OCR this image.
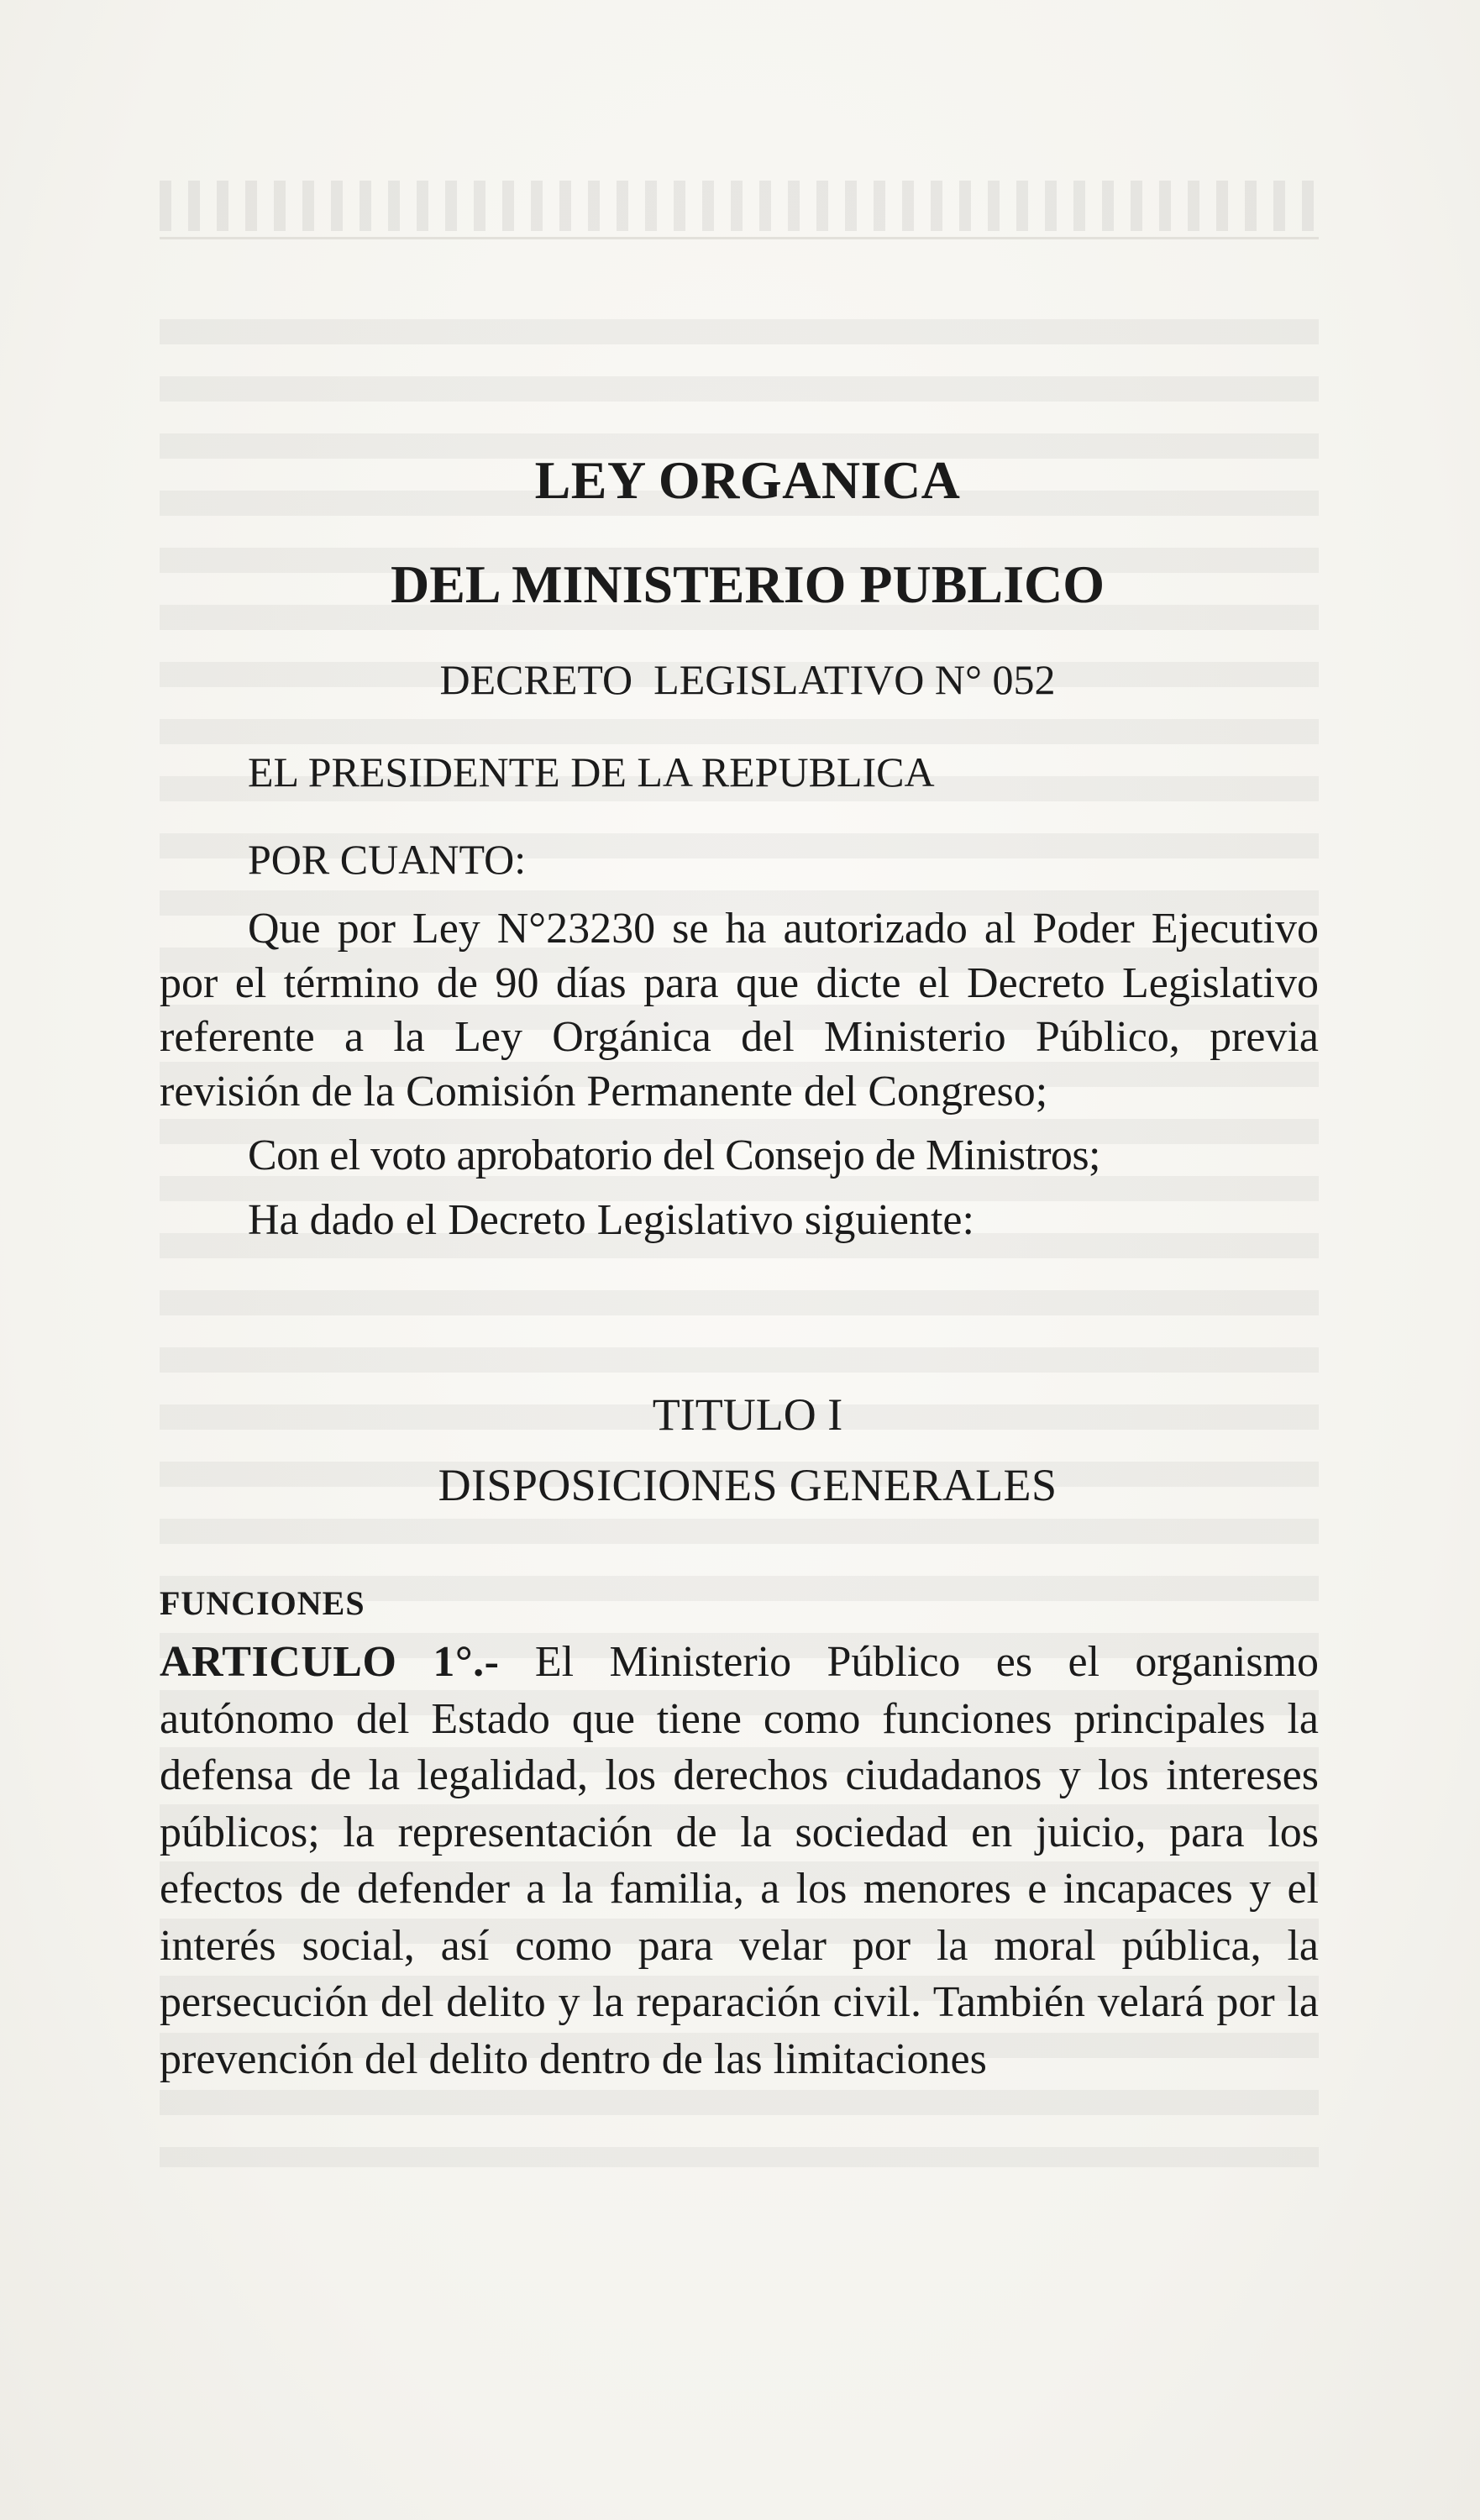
LEY ORGANICA
DEL MINISTERIO PUBLICO
DECRETO  LEGISLATIVO N° 052
EL PRESIDENTE DE LA REPUBLICA
POR CUANTO:

Que por Ley N°23230 se ha autorizado al Poder Ejecutivo por el término de 90 días para que dicte el Decreto Legislativo referente a la Ley Orgánica del Ministerio Público, previa revisión de la Comisión Permanente del Congreso;

Con el voto aprobatorio del Consejo de Ministros;

Ha dado el Decreto Legislativo siguiente:

TITULO I
DISPOSICIONES GENERALES
FUNCIONES

ARTICULO 1°.- El Ministerio Público es el organismo autónomo del Estado que tiene como funciones principales la defensa de la legalidad, los derechos ciudadanos y los intereses públicos; la representación de la sociedad en juicio, para los efectos de defender a la familia, a los menores e incapaces y el interés social, así como para velar por la moral pública, la persecución del delito y la reparación civil. También velará por la prevención del delito dentro de las limitaciones
